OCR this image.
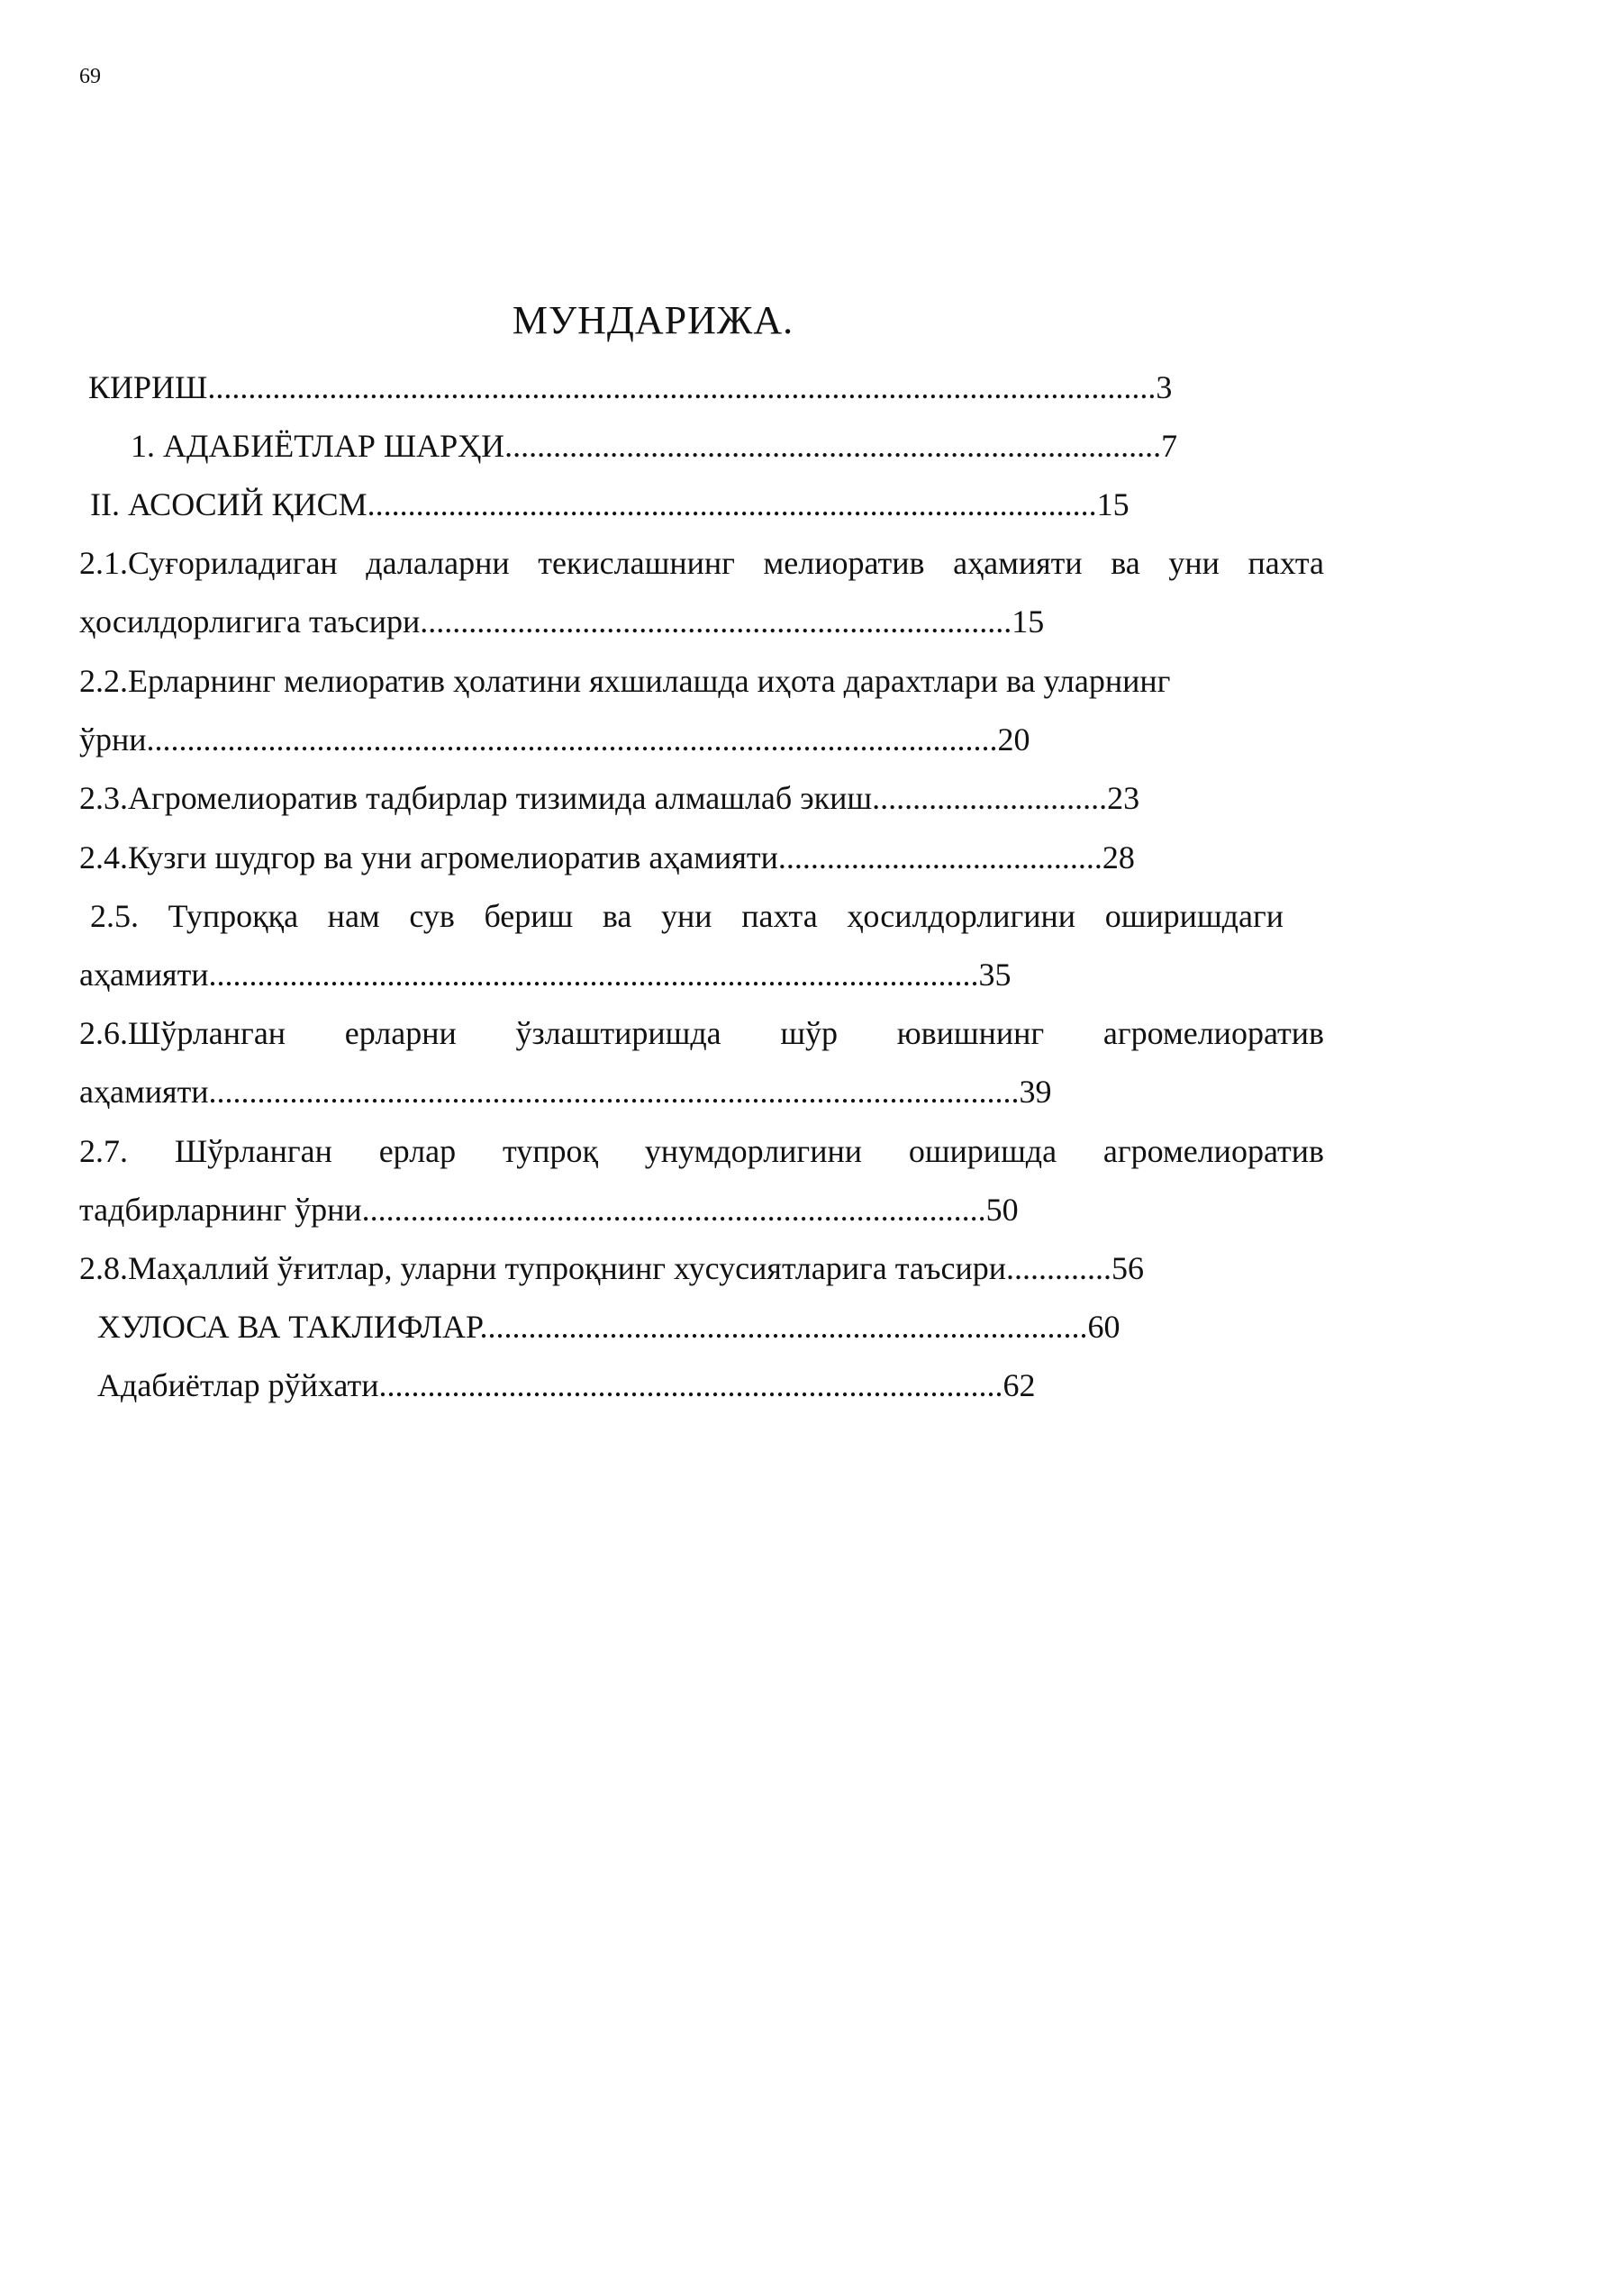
69
МУНДАРИЖА.
КИРИШ.....................................................................................................................3
1. АДАБИЁТЛАР ШАРҲИ.................................................................................7
II. АСОСИЙ ҚИСМ..........................................................................................15
2.1.Суғориладиган далаларни текислашнинг мелиоратив аҳамияти ва уни пахта
ҳосилдорлигига таъсири.........................................................................15
2.2.Ерларнинг мелиоратив ҳолатини яхшилашда иҳота дарахтлари ва уларнинг
ўрни.........................................................................................................20
2.3.Агромелиоратив тадбирлар тизимида алмашлаб экиш.............................23
2.4.Кузги шудгор ва уни агромелиоратив аҳамияти........................................28
2.5. Тупроққа нам сув бериш ва уни пахта ҳосилдорлигини оширишдаги
аҳамияти...............................................................................................35
2.6.Шўрланган ерларни ўзлаштиришда шўр ювишнинг агромелиоратив
аҳамияти....................................................................................................39
2.7. Шўрланган ерлар тупроқ унумдорлигини оширишда агромелиоратив
тадбирларнинг ўрни.............................................................................50
2.8.Маҳаллий ўғитлар, уларни тупроқнинг хусусиятларига таъсири.............56
ХУЛОСА ВА ТАКЛИФЛАР...........................................................................60
Адабиётлар рўйхати.............................................................................62
